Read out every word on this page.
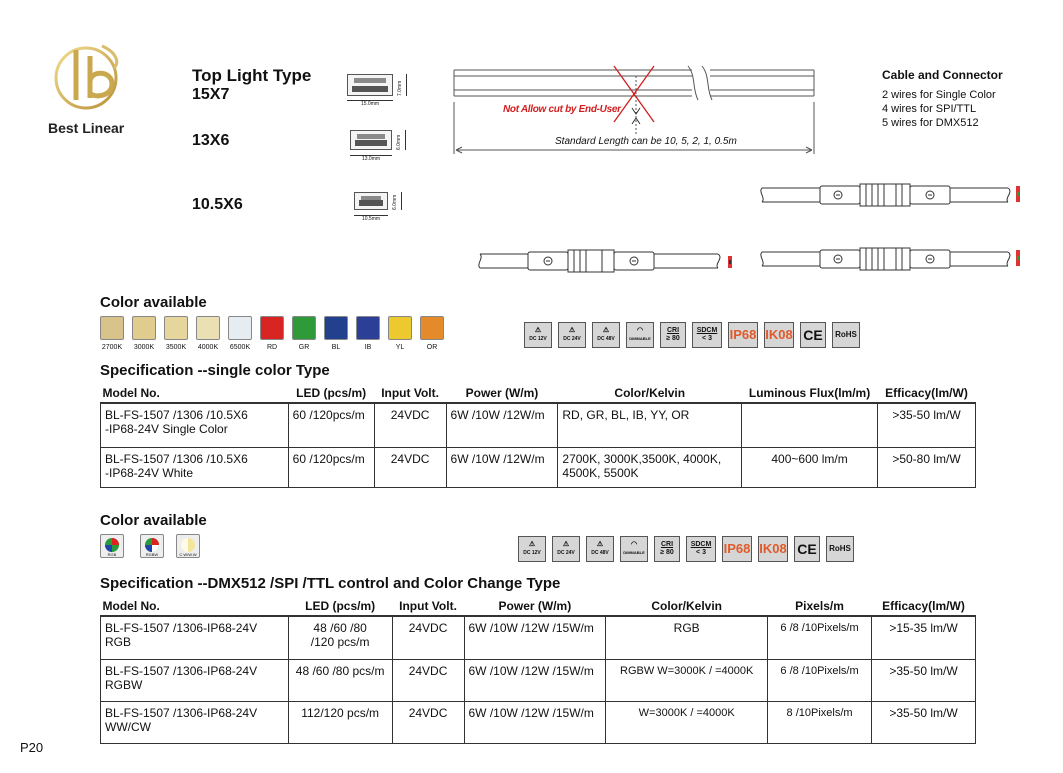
Best Linear
Top Light Type
15X7
13X6
10.5X6
7.0mm
15.0mm
6.0mm
13.0mm
6.0mm
10.5mm
Not Allow cut by End-User
Standard Length can be 10, 5, 2, 1, 0.5m
Cable and Connector
2 wires for Single Color
4 wires for SPI/TTL
5 wires for DMX512
Color available
2700K	3000K	3500K	4000K	6500K	RD	GR	BL	IB	YL	OR
⚠
DC 12V
⚠
DC 24V
⚠
DC 48V
◠
DIMMABLE
CRI
≥ 80
SDCM
< 3 IP68 IK08 CE	RoHS
Specification --single color Type
Model No.	LED (pcs/m)	Input Volt.	Power (W/m)	Color/Kelvin	Luminous Flux(lm/m)	Efficacy(lm/W)
BL-FS-1507 /1306 /10.5X6
-IP68-24V Single Color	60 /120pcs/m	24VDC	6W /10W /12W/m	RD, GR, BL, IB, YY, OR		>35-50 lm/W
BL-FS-1507 /1306 /10.5X6
-IP68-24V White	60 /120pcs/m	24VDC	6W /10W /12W/m	2700K, 3000K,3500K, 4000K,
4500K, 5500K	400~600 lm/m	>50-80 lm/W
Color available
RGB	RGBW	C.W/W.W
⚠
DC 12V
⚠
DC 24V
⚠
DC 48V
◠
DIMMABLE
CRI
≥ 80
SDCM
< 3 IP68 IK08 CE	RoHS
Specification --DMX512 /SPI /TTL control and Color Change Type
Model No.	LED (pcs/m)	Input Volt.	Power (W/m)	Color/Kelvin	Pixels/m	Efficacy(lm/W)
BL-FS-1507 /1306-IP68-24V
RGB	48 /60 /80
/120 pcs/m	24VDC	6W /10W /12W /15W/m	RGB	6 /8 /10Pixels/m	>15-35 lm/W
BL-FS-1507 /1306-IP68-24V
RGBW	48 /60 /80 pcs/m	24VDC	6W /10W /12W /15W/m	RGBW W=3000K / =4000K	6 /8 /10Pixels/m	>35-50 lm/W
BL-FS-1507 /1306-IP68-24V
WW/CW	112/120 pcs/m	24VDC	6W /10W /12W /15W/m	W=3000K / =4000K	8 /10Pixels/m	>35-50 lm/W
P20
